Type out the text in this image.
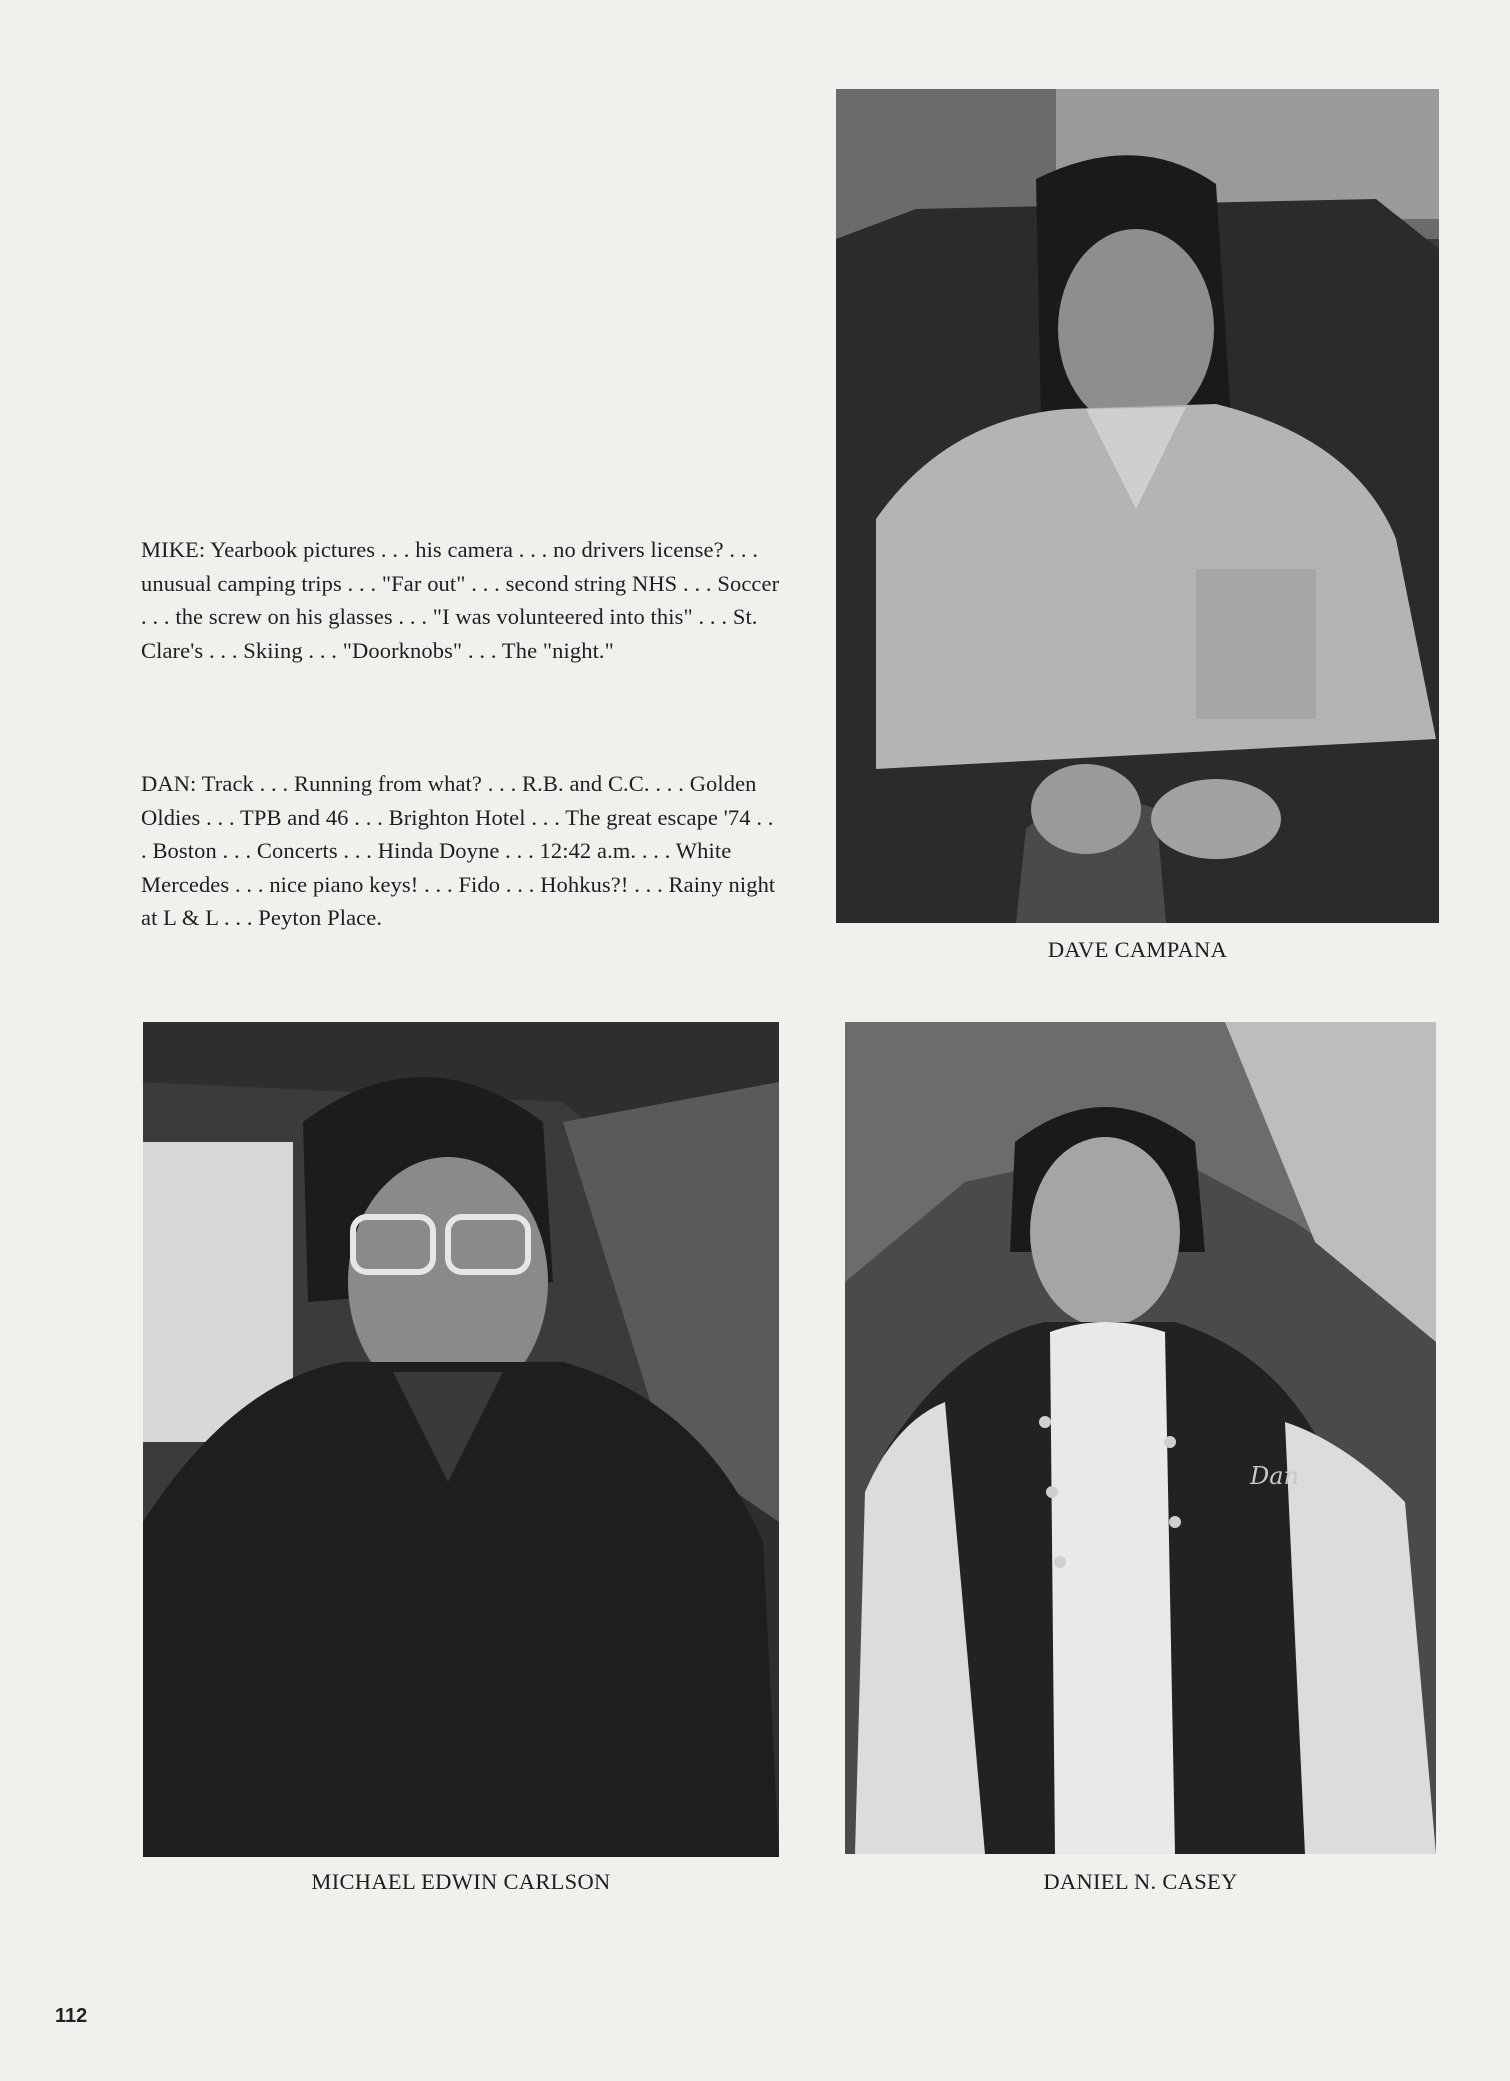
MIKE: Yearbook pictures . . . his camera . . . no drivers license? . . . unusual camping trips . . . "Far out" . . . second string NHS . . . Soccer . . . the screw on his glasses . . . "I was volunteered into this" . . . St. Clare's . . . Skiing . . . "Doorknobs" . . . The "night."

DAN: Track . . . Running from what? . . . R.B. and C.C. . . . Golden Oldies . . . TPB and 46 . . . Brighton Hotel . . . The great escape '74 . . . Boston . . . Concerts . . . Hinda Doyne . . . 12:42 a.m. . . . White Mercedes . . . nice piano keys! . . . Fido . . . Hohkus?! . . . Rainy night at L & L . . . Peyton Place.

DAVE CAMPANA

MICHAEL EDWIN CARLSON

Dan

DANIEL N. CASEY

112
